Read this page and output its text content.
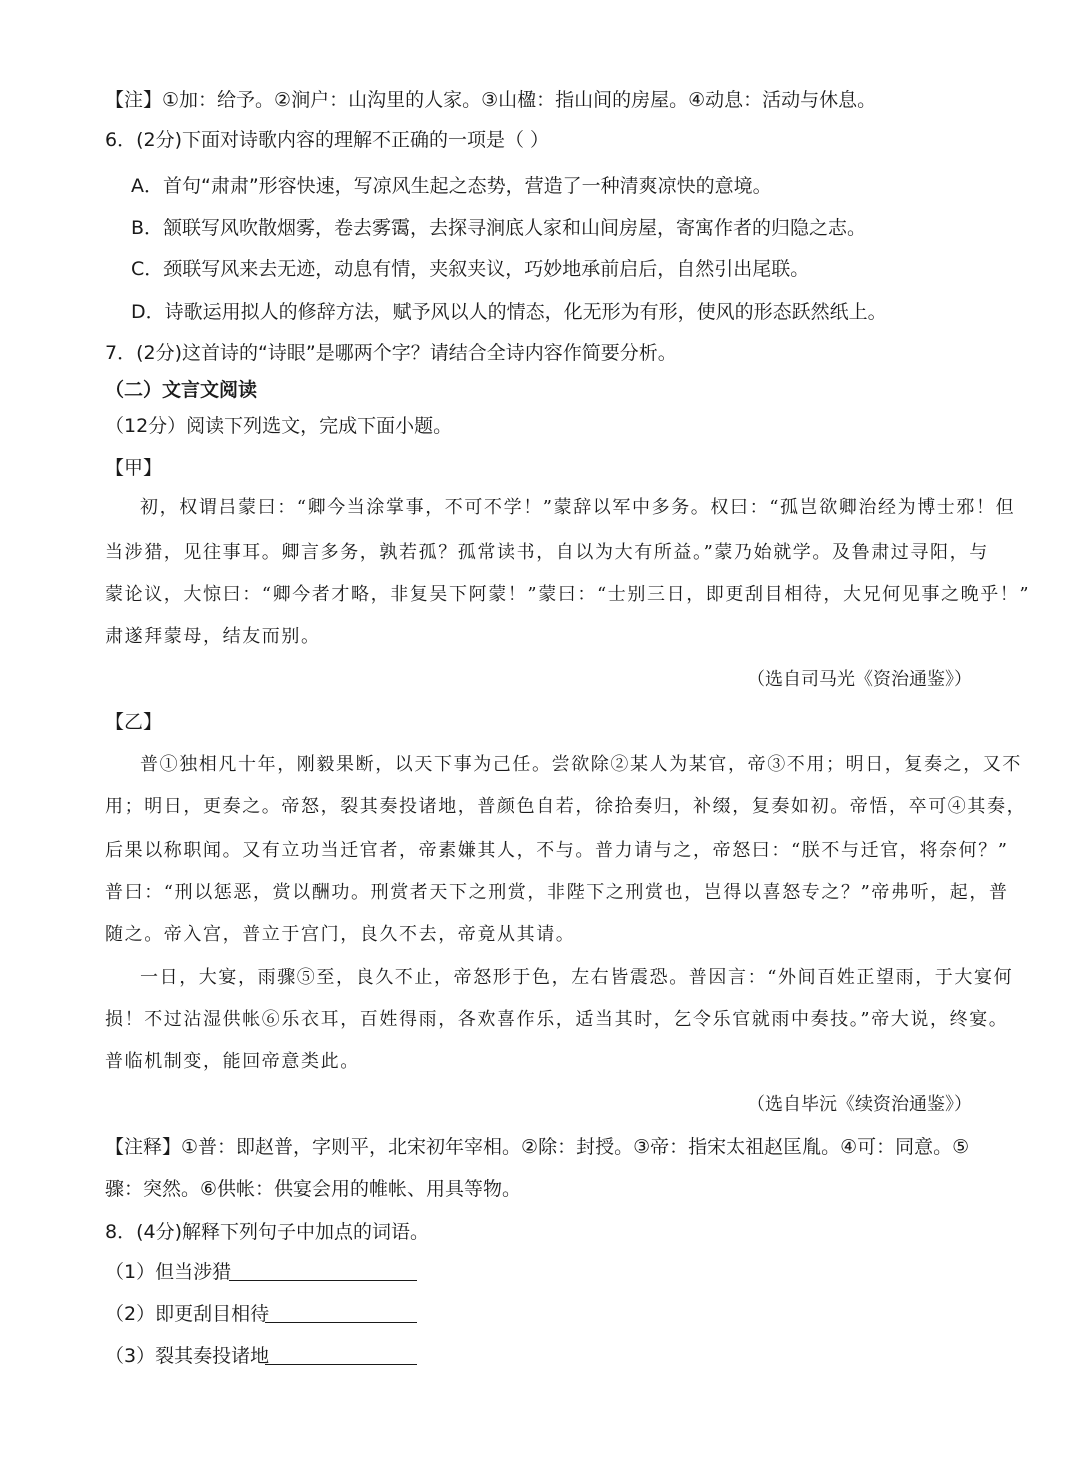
【注】①加：给予。②涧户：山沟里的人家。③山楹：指山间的房屋。④动息：活动与休息。
6．(2分)下面对诗歌内容的理解不正确的一项是（ ）
A．首句“肃肃”形容快速，写凉风生起之态势，营造了一种清爽凉快的意境。
B．颔联写风吹散烟雾，卷去雾霭，去探寻涧底人家和山间房屋，寄寓作者的归隐之志。
C．颈联写风来去无迹，动息有情，夹叙夹议，巧妙地承前启后，自然引出尾联。
D．诗歌运用拟人的修辞方法，赋予风以人的情态，化无形为有形，使风的形态跃然纸上。
7．(2分)这首诗的“诗眼”是哪两个字？请结合全诗内容作简要分析。
（二）文言文阅读
（12分）阅读下列选文，完成下面小题。
【甲】
初，权谓吕蒙曰：“卿今当涂掌事，不可不学！”蒙辞以军中多务。权曰：“孤岂欲卿治经为博士邪！但
当涉猎，见往事耳。卿言多务，孰若孤？孤常读书，自以为大有所益。”蒙乃始就学。及鲁肃过寻阳，与
蒙论议，大惊曰：“卿今者才略，非复吴下阿蒙！”蒙曰：“士别三日，即更刮目相待，大兄何见事之晚乎！”
肃遂拜蒙母，结友而别。
（选自司马光《资治通鉴》）
【乙】
普①独相凡十年，刚毅果断，以天下事为己任。尝欲除②某人为某官，帝③不用；明日，复奏之，又不
用；明日，更奏之。帝怒，裂其奏投诸地，普颜色自若，徐拾奏归，补缀，复奏如初。帝悟，卒可④其奏，
后果以称职闻。又有立功当迁官者，帝素嫌其人，不与。普力请与之，帝怒曰：“朕不与迁官，将奈何？”
普曰：“刑以惩恶，赏以酬功。刑赏者天下之刑赏，非陛下之刑赏也，岂得以喜怒专之？”帝弗听，起，普
随之。帝入宫，普立于宫门，良久不去，帝竟从其请。
一日，大宴，雨骤⑤至，良久不止，帝怒形于色，左右皆震恐。普因言：“外间百姓正望雨，于大宴何
损！不过沾湿供帐⑥乐衣耳，百姓得雨，各欢喜作乐，适当其时，乞令乐官就雨中奏技。”帝大说，终宴。
普临机制变，能回帝意类此。
（选自毕沅《续资治通鉴》）
【注释】①普：即赵普，字则平，北宋初年宰相。②除：封授。③帝：指宋太祖赵匡胤。④可：同意。⑤
骤：突然。⑥供帐：供宴会用的帷帐、用具等物。
8．(4分)解释下列句子中加点的词语。
（1）但当涉猎
（2）即更刮目相待
（3）裂其奏投诸地
